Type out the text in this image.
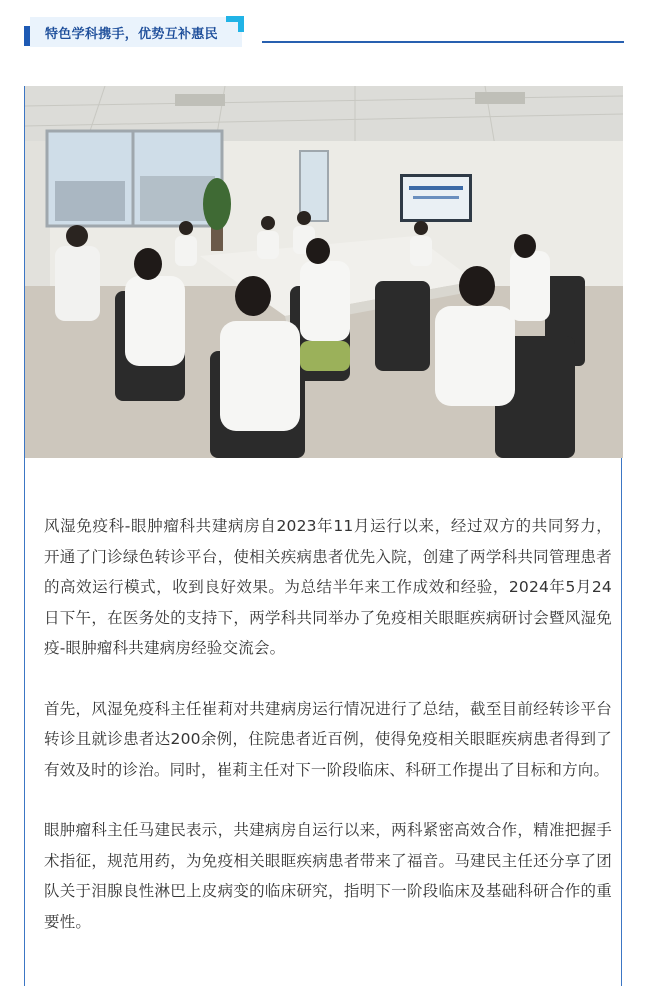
特色学科携手，优势互补惠民

风湿免疫科-眼肿瘤科共建病房自2023年11月运行以来，经过双方的共同努力，开通了门诊绿色转诊平台，使相关疾病患者优先入院，创建了两学科共同管理患者的高效运行模式，收到良好效果。为总结半年来工作成效和经验，2024年5月24日下午，在医务处的支持下，两学科共同举办了免疫相关眼眶疾病研讨会暨风湿免疫-眼肿瘤科共建病房经验交流会。

首先，风湿免疫科主任崔莉对共建病房运行情况进行了总结，截至目前经转诊平台转诊且就诊患者达200余例，住院患者近百例，使得免疫相关眼眶疾病患者得到了有效及时的诊治。同时，崔莉主任对下一阶段临床、科研工作提出了目标和方向。

眼肿瘤科主任马建民表示，共建病房自运行以来，两科紧密高效合作，精准把握手术指征，规范用药，为免疫相关眼眶疾病患者带来了福音。马建民主任还分享了团队关于泪腺良性淋巴上皮病变的临床研究，指明下一阶段临床及基础科研合作的重要性。
